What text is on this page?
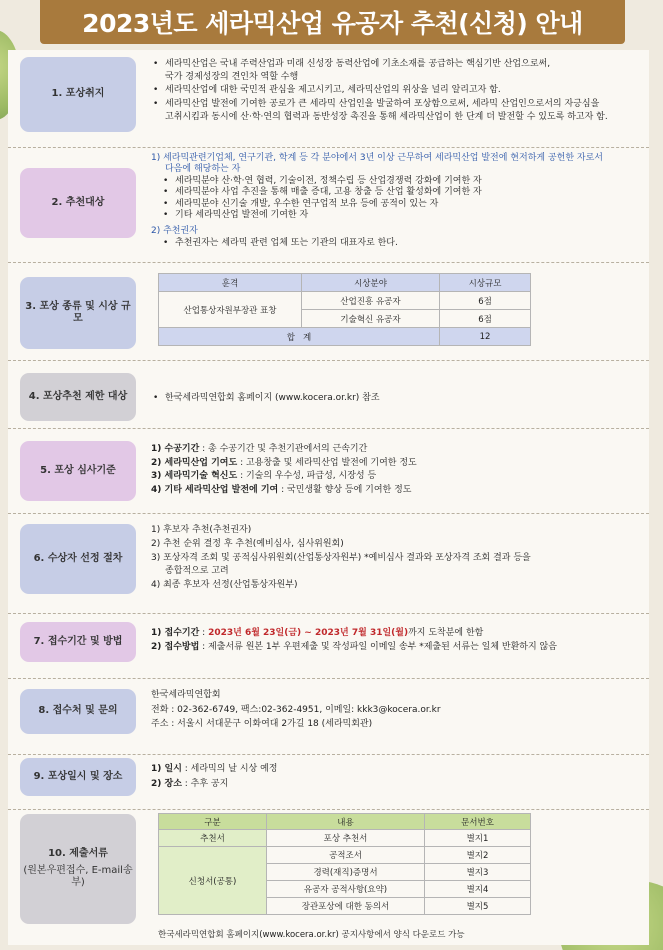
2023년도 세라믹산업 유공자 추천(신청) 안내
1. 포상취지
• 세라믹산업은 국내 주력산업과 미래 신성장 동력산업에 기초소재를 공급하는 핵심기반 산업으로써,
국가 경제성장의 견인차 역할 수행
• 세라믹산업에 대한 국민적 관심을 제고시키고, 세라믹산업의 위상을 널리 알리고자 함.
• 세라믹산업 발전에 기여한 공로가 큰 세라믹 산업인을 발굴하여 포상함으로써, 세라믹 산업인으로서의 자긍심을
고취시킴과 동시에 산·학·연의 협력과 동반성장 촉진을 통해 세라믹산업이 한 단계 더 발전할 수 있도록 하고자 함.
2. 추천대상
1) 세라믹관련기업체, 연구기관, 학계 등 각 분야에서 3년 이상 근무하여 세라믹산업 발전에 현저하게 공헌한 자로서
다음에 해당하는 자
• 세라믹분야 산·학·연 협력, 기술이전, 정책수립 등 산업경쟁력 강화에 기여한 자
• 세라믹분야 사업 추진을 통해 매출 증대, 고용 창출 등 산업 활성화에 기여한 자
• 세라믹분야 신기술 개발, 우수한 연구업적 보유 등에 공적이 있는 자
• 기타 세라믹산업 발전에 기여한 자
2) 추천권자
• 추천권자는 세라믹 관련 업체 또는 기관의 대표자로 한다.
3. 포상 종류 및 시상 규모
훈격	시상분야	시상규모
산업통상자원부장관 표창	산업진흥 유공자	6점
	기술혁신 유공자	6점
합   계		12
4. 포상추천 제한 대상	• 한국세라믹연합회 홈페이지 (www.kocera.or.kr) 참조
5. 포상 심사기준
1) 수공기간 : 총 수공기간 및 추천기관에서의 근속기간
2) 세라믹산업 기여도 : 고용창출 및 세라믹산업 발전에 기여한 정도
3) 세라믹기술 혁신도 : 기술의 우수성, 파급성, 시장성 등
4) 기타 세라믹산업 발전에 기여 : 국민생활 향상 등에 기여한 정도
6. 수상자 선정 절차
1) 후보자 추천(추천권자)
2) 추천 순위 결정 후 추천(예비심사, 심사위원회)
3) 포상자격 조회 및 공적심사위원회(산업통상자원부) *예비심사 결과와 포상자격 조회 결과 등을
종합적으로 고려
4) 최종 후보자 선정(산업통상자원부)
7. 접수기간 및 방법
1) 접수기간 : 2023년 6월 23일(금) ~ 2023년 7월 31일(월)까지 도착분에 한함
2) 접수방법 : 제출서류 원본 1부 우편제출 및 작성파일 이메일 송부 *제출된 서류는 일체 반환하지 않음
8. 접수처 및 문의
한국세라믹연합회
전화 : 02-362-6749, 팩스:02-362-4951, 이메일: kkk3@kocera.or.kr
주소 : 서울시 서대문구 이화여대 2가길 18 (세라믹회관)
9. 포상일시 및 장소
1) 일시 : 세라믹의 날 시상 예정
2) 장소 : 추후 공지
10. 제출서류
(원본우편접수, E-mail송부)
구분	내용	문서번호
추천서	포상 추천서	별지1
신청서(공통)	공적조서	별지2
	경력(재직)증명서	별지3
	유공자 공적사항(요약)	별지4
	장관포상에 대한 동의서	별지5
한국세라믹연합회 홈페이지(www.kocera.or.kr) 공지사항에서 양식 다운로드 가능
